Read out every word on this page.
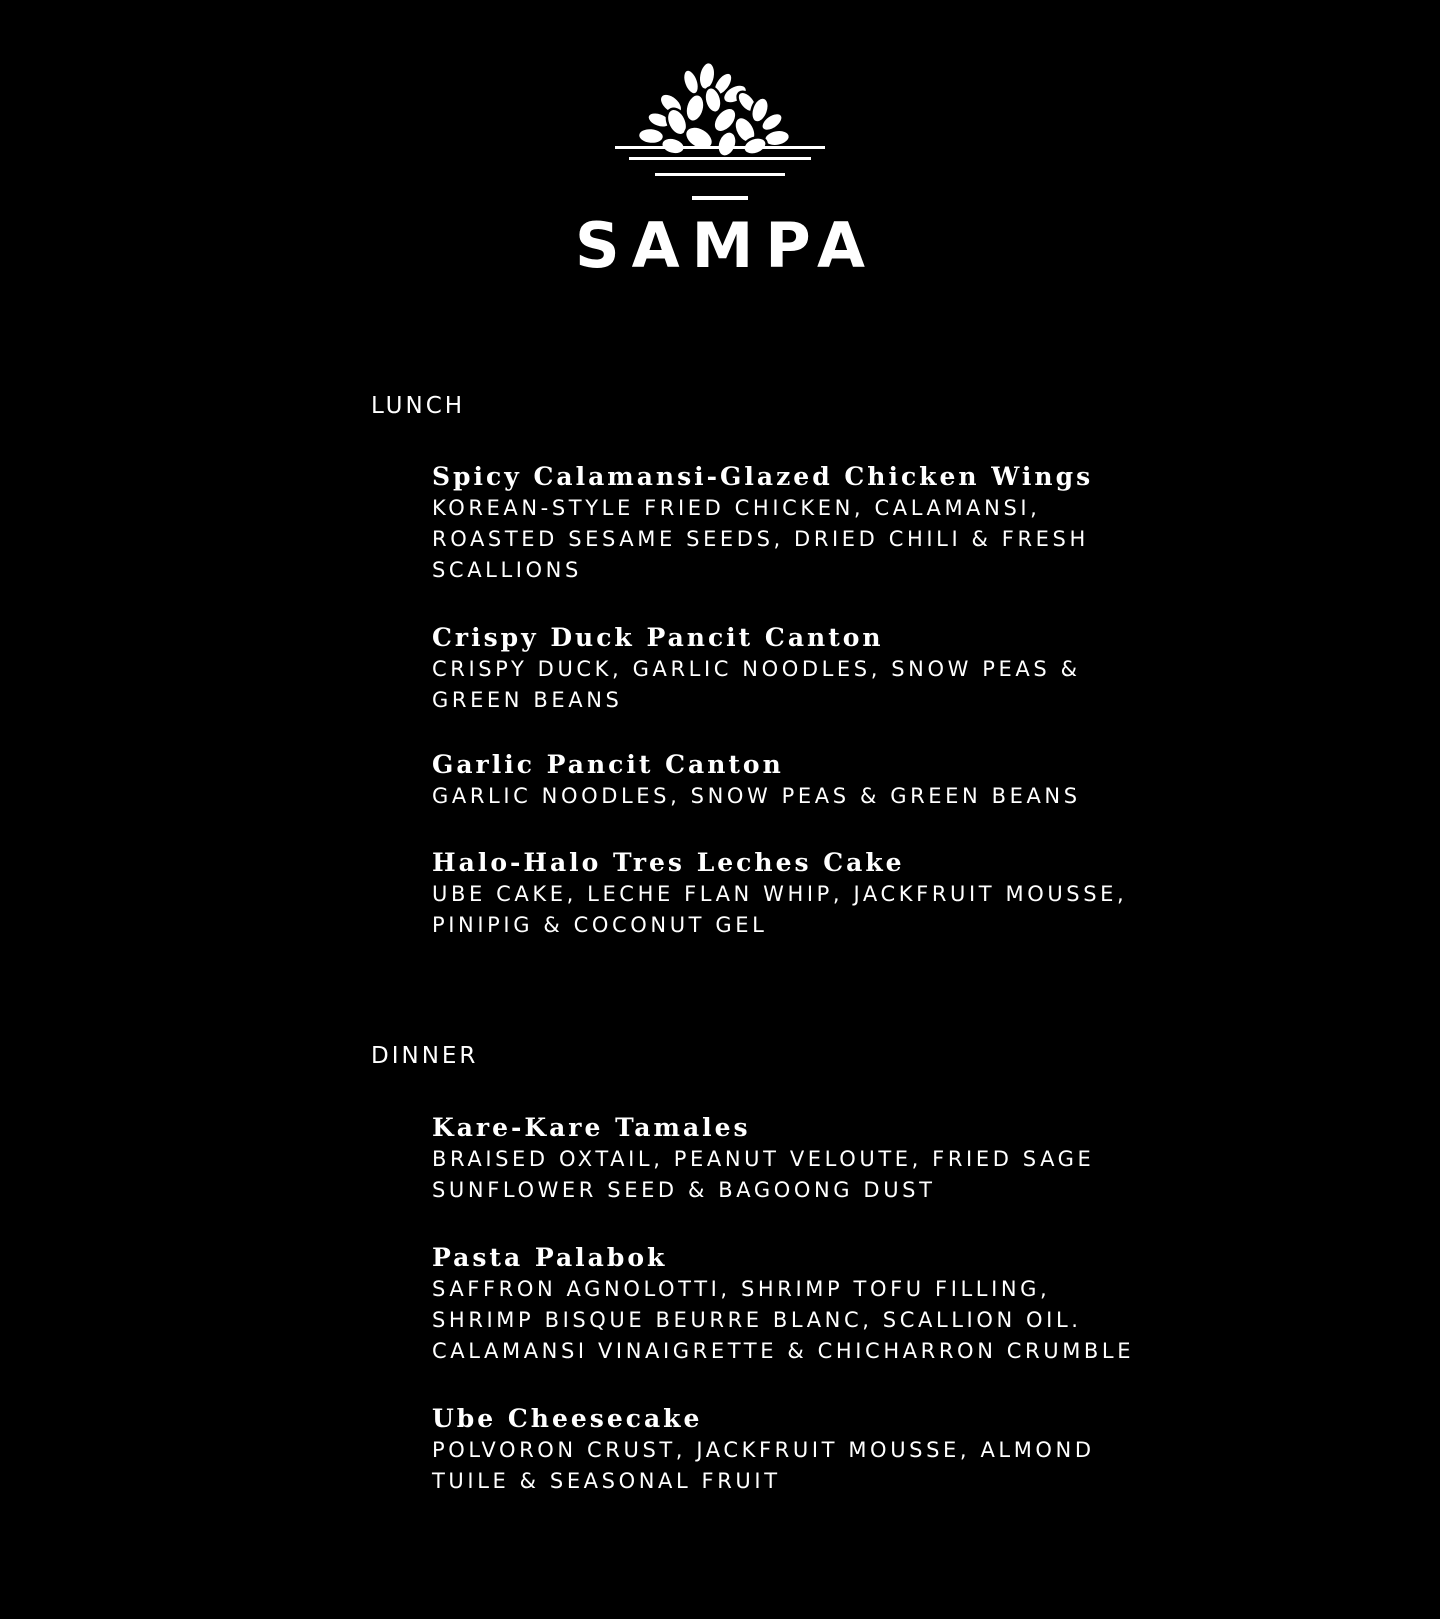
SAMPA
LUNCH
Spicy Calamansi-Glazed Chicken Wings
KOREAN-STYLE FRIED CHICKEN, CALAMANSI,
ROASTED SESAME SEEDS, DRIED CHILI & FRESH
SCALLIONS
Crispy Duck Pancit Canton
CRISPY DUCK, GARLIC NOODLES, SNOW PEAS &
GREEN BEANS
Garlic Pancit Canton
GARLIC NOODLES, SNOW PEAS & GREEN BEANS
Halo-Halo Tres Leches Cake
UBE CAKE, LECHE FLAN WHIP, JACKFRUIT MOUSSE,
PINIPIG & COCONUT GEL
DINNER
Kare-Kare Tamales
BRAISED OXTAIL, PEANUT VELOUTE, FRIED SAGE
SUNFLOWER SEED & BAGOONG DUST
Pasta Palabok
SAFFRON AGNOLOTTI, SHRIMP TOFU FILLING,
SHRIMP BISQUE BEURRE BLANC, SCALLION OIL.
CALAMANSI VINAIGRETTE & CHICHARRON CRUMBLE
Ube Cheesecake
POLVORON CRUST, JACKFRUIT MOUSSE, ALMOND
TUILE & SEASONAL FRUIT
